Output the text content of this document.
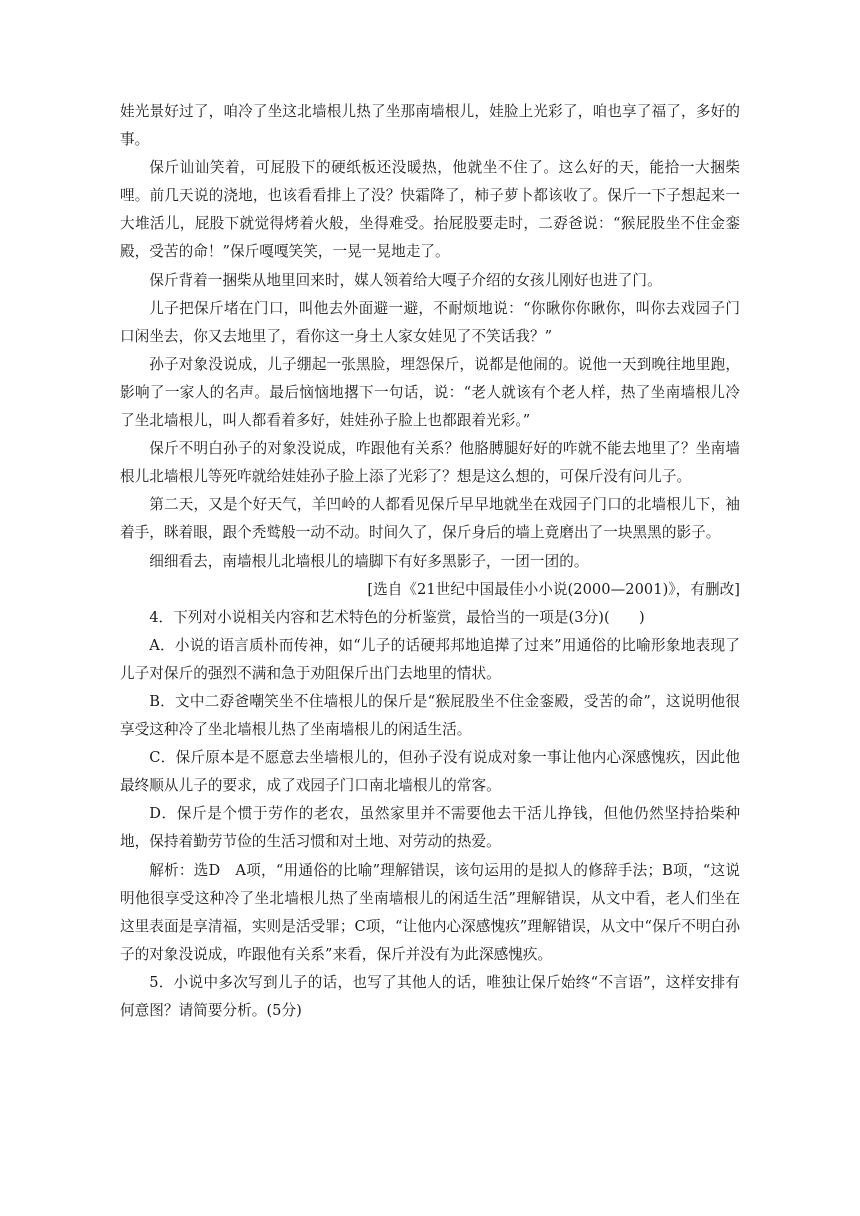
娃光景好过了，咱冷了坐这北墙根儿热了坐那南墙根儿，娃脸上光彩了，咱也享了福了，多好的事。

保斤讪讪笑着，可屁股下的硬纸板还没暖热，他就坐不住了。这么好的天，能拾一大捆柴哩。前几天说的浇地，也该看看排上了没？快霜降了，柿子萝卜都该收了。保斤一下子想起来一大堆活儿，屁股下就觉得烤着火般，坐得难受。抬屁股要走时，二孬爸说：“猴屁股坐不住金銮殿，受苦的命！”保斤嘎嘎笑笑，一晃一晃地走了。

保斤背着一捆柴从地里回来时，媒人领着给大嘎子介绍的女孩儿刚好也进了门。

儿子把保斤堵在门口，叫他去外面避一避，不耐烦地说：“你瞅你你瞅你，叫你去戏园子门口闲坐去，你又去地里了，看你这一身土人家女娃见了不笑话我？”

孙子对象没说成，儿子绷起一张黑脸，埋怨保斤，说都是他闹的。说他一天到晚往地里跑，影响了一家人的名声。最后恼恼地撂下一句话，说：“老人就该有个老人样，热了坐南墙根儿冷了坐北墙根儿，叫人都看着多好，娃娃孙子脸上也都跟着光彩。”

保斤不明白孙子的对象没说成，咋跟他有关系？他胳膊腿好好的咋就不能去地里了？坐南墙根儿北墙根儿等死咋就给娃娃孙子脸上添了光彩了？想是这么想的，可保斤没有问儿子。

第二天，又是个好天气，羊凹岭的人都看见保斤早早地就坐在戏园子门口的北墙根儿下，袖着手，眯着眼，跟个秃鹫般一动不动。时间久了，保斤身后的墙上竟磨出了一块黑黑的影子。

细细看去，南墙根儿北墙根儿的墙脚下有好多黑影子，一团一团的。

[选自《21世纪中国最佳小小说(2000—2001)》，有删改]

4．下列对小说相关内容和艺术特色的分析鉴赏，最恰当的一项是(3分)(　　)

A．小说的语言质朴而传神，如“儿子的话硬邦邦地追撵了过来”用通俗的比喻形象地表现了儿子对保斤的强烈不满和急于劝阻保斤出门去地里的情状。

B．文中二孬爸嘲笑坐不住墙根儿的保斤是“猴屁股坐不住金銮殿，受苦的命”，这说明他很享受这种冷了坐北墙根儿热了坐南墙根儿的闲适生活。

C．保斤原本是不愿意去坐墙根儿的，但孙子没有说成对象一事让他内心深感愧疚，因此他最终顺从儿子的要求，成了戏园子门口南北墙根儿的常客。

D．保斤是个惯于劳作的老农，虽然家里并不需要他去干活儿挣钱，但他仍然坚持拾柴种地，保持着勤劳节俭的生活习惯和对土地、对劳动的热爱。

解析：选D　A项，“用通俗的比喻”理解错误，该句运用的是拟人的修辞手法；B项，“这说明他很享受这种冷了坐北墙根儿热了坐南墙根儿的闲适生活”理解错误，从文中看，老人们坐在这里表面是享清福，实则是活受罪；C项，“让他内心深感愧疚”理解错误，从文中“保斤不明白孙子的对象没说成，咋跟他有关系”来看，保斤并没有为此深感愧疚。

5．小说中多次写到儿子的话，也写了其他人的话，唯独让保斤始终“不言语”，这样安排有何意图？请简要分析。(5分)
